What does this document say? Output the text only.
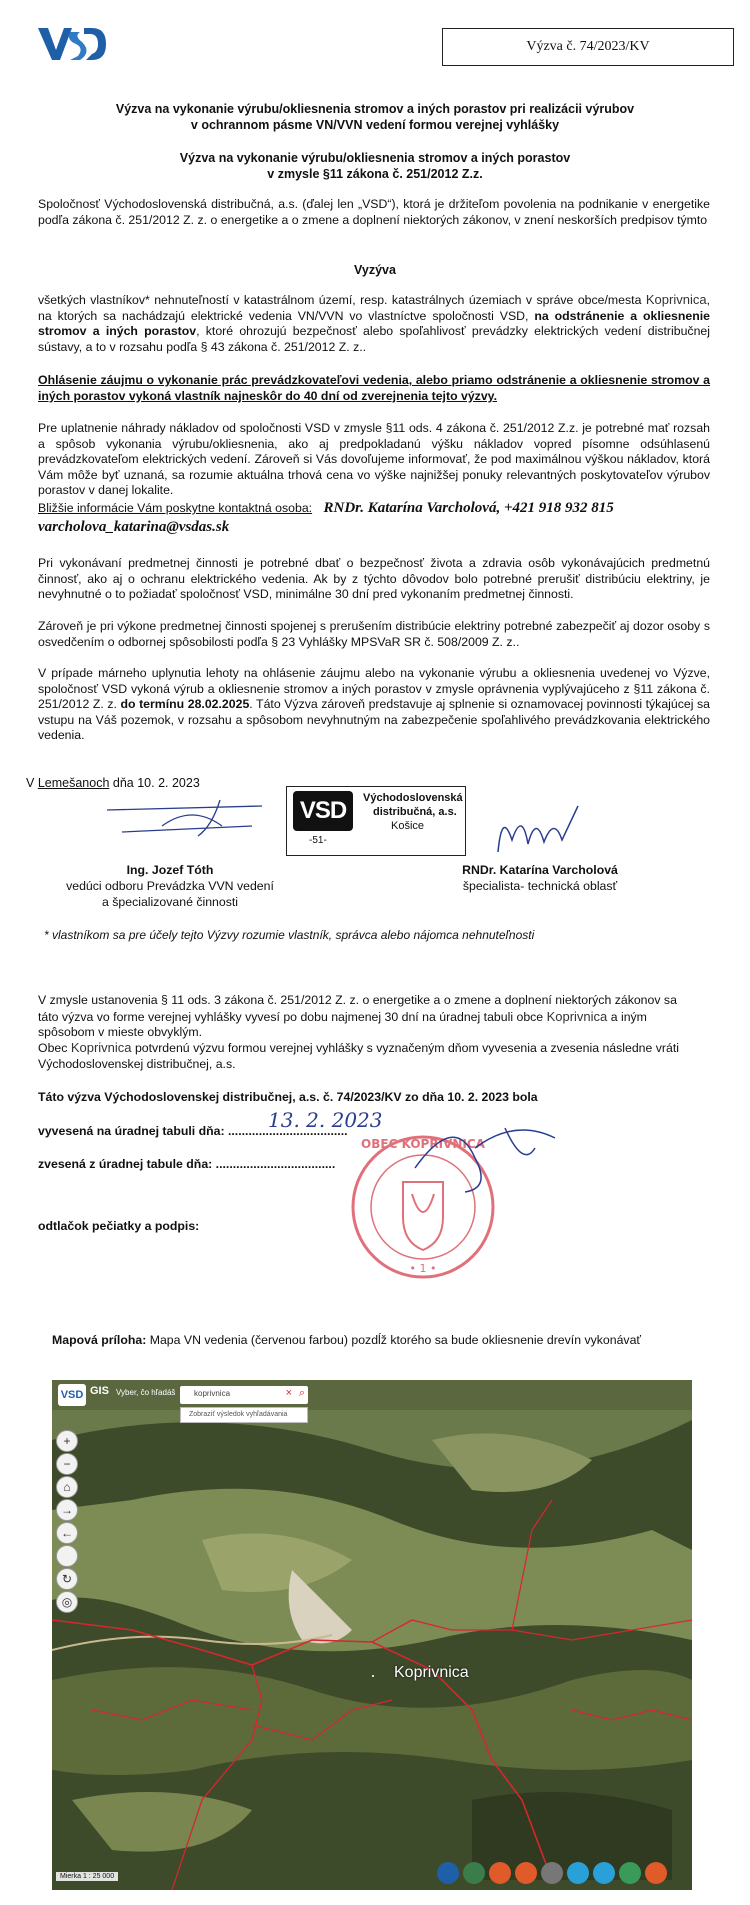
Výzva č. 74/2023/KV
Výzva na vykonanie výrubu/okliesnenia stromov a iných porastov pri realizácii výrubov
v ochrannom pásme VN/VVN vedení formou verejnej vyhlášky
Výzva na vykonanie výrubu/okliesnenia stromov a iných porastov
v zmysle §11 zákona č. 251/2012 Z.z.
Spoločnosť Východoslovenská distribučná, a.s. (ďalej len „VSD“), ktorá je držiteľom povolenia na podnikanie v energetike podľa zákona č. 251/2012 Z. z. o energetike a o zmene a doplnení niektorých zákonov, v znení neskorších predpisov týmto
Vyzýva
všetkých vlastníkov* nehnuteľností v katastrálnom území, resp. katastrálnych územiach v správe obce/mesta Koprivnica, na ktorých sa nachádzajú elektrické vedenia VN/VVN vo vlastníctve spoločnosti VSD, na odstránenie a okliesnenie stromov a iných porastov, ktoré ohrozujú bezpečnosť alebo spoľahlivosť prevádzky elektrických vedení distribučnej sústavy, a to v rozsahu podľa § 43 zákona č. 251/2012 Z. z..
Ohlásenie záujmu o vykonanie prác prevádzkovateľovi vedenia, alebo priamo odstránenie a okliesnenie stromov a iných porastov vykoná vlastník najneskôr do 40 dní od zverejnenia tejto výzvy.
Pre uplatnenie náhrady nákladov od spoločnosti VSD v zmysle §11 ods. 4 zákona č. 251/2012 Z.z. je potrebné mať rozsah a spôsob vykonania výrubu/okliesnenia, ako aj predpokladanú výšku nákladov vopred písomne odsúhlasenú prevádzkovateľom elektrických vedení. Zároveň si Vás dovoľujeme informovať, že pod maximálnou výškou nákladov, ktorá Vám môže byť uznaná, sa rozumie aktuálna trhová cena vo výške najnižšej ponuky relevantných poskytovateľov výrubov porastov v danej lokalite.
Bližšie informácie Vám poskytne kontaktná osoba: RNDr. Katarína Varcholová, +421 918 932 815
varcholova_katarina@vsdas.sk
Pri vykonávaní predmetnej činnosti je potrebné dbať o bezpečnosť života a zdravia osôb vykonávajúcich predmetnú činnosť, ako aj o ochranu elektrického vedenia. Ak by z týchto dôvodov bolo potrebné prerušiť distribúciu elektriny, je nevyhnutné o to požiadať spoločnosť VSD, minimálne 30 dní pred vykonaním predmetnej činnosti.
Zároveň je pri výkone predmetnej činnosti spojenej s prerušením distribúcie elektriny potrebné zabezpečiť aj dozor osoby s osvedčením o odbornej spôsobilosti podľa § 23 Vyhlášky MPSVaR SR č. 508/2009 Z. z..
V prípade márneho uplynutia lehoty na ohlásenie záujmu alebo na vykonanie výrubu a okliesnenia uvedenej vo Výzve, spoločnosť VSD vykoná výrub a okliesnenie stromov a iných porastov v zmysle oprávnenia vyplývajúceho z §11 zákona č. 251/2012 Z. z. do termínu 28.02.2025. Táto Výzva zároveň predstavuje aj splnenie si oznamovacej povinnosti týkajúcej sa vstupu na Váš pozemok, v rozsahu a spôsobom nevyhnutným na zabezpečenie spoľahlivého prevádzkovania elektrického vedenia.
V Lemešanoch dňa 10. 2. 2023
VSD	Východoslovenská
distribučná, a.s.
Košice
-51-
Ing. Jozef Tóth
vedúci odboru Prevádzka VVN vedení
a špecializované činnosti
RNDr. Katarína Varcholová
špecialista- technická oblasť
* vlastníkom sa pre účely tejto Výzvy rozumie vlastník, správca alebo nájomca nehnuteľnosti
V zmysle ustanovenia § 11 ods. 3 zákona č. 251/2012 Z. z. o energetike a o zmene a doplnení niektorých zákonov sa táto výzva vo forme verejnej vyhlášky vyvesí po dobu najmenej 30 dní na úradnej tabuli obce Koprivnica a iným spôsobom v mieste obvyklým.
Obec Koprivnica potvrdenú výzvu formou verejnej vyhlášky s vyznačeným dňom vyvesenia a zvesenia následne vráti Východoslovenskej distribučnej, a.s.
Táto výzva Východoslovenskej distribučnej, a.s. č. 74/2023/KV zo dňa 10. 2. 2023 bola
vyvesená na úradnej tabuli dňa: ...................................
13. 2. 2023
zvesená z úradnej tabule dňa: ...................................
odtlačok pečiatky a podpis:
OBEC KOPRIVNICA
• 1 •
Mapová príloha: Mapa VN vedenia (červenou farbou) pozdĺž ktorého sa bude okliesnenie drevín vykonávať
VSD GIS Vyber, čo hľadáš koprivnica	× ⌕
Zobraziť výsledok vyhľadávania
+
−
⌂
→
←
↻
◎
Koprivnica
Mierka 1 : 25 000
